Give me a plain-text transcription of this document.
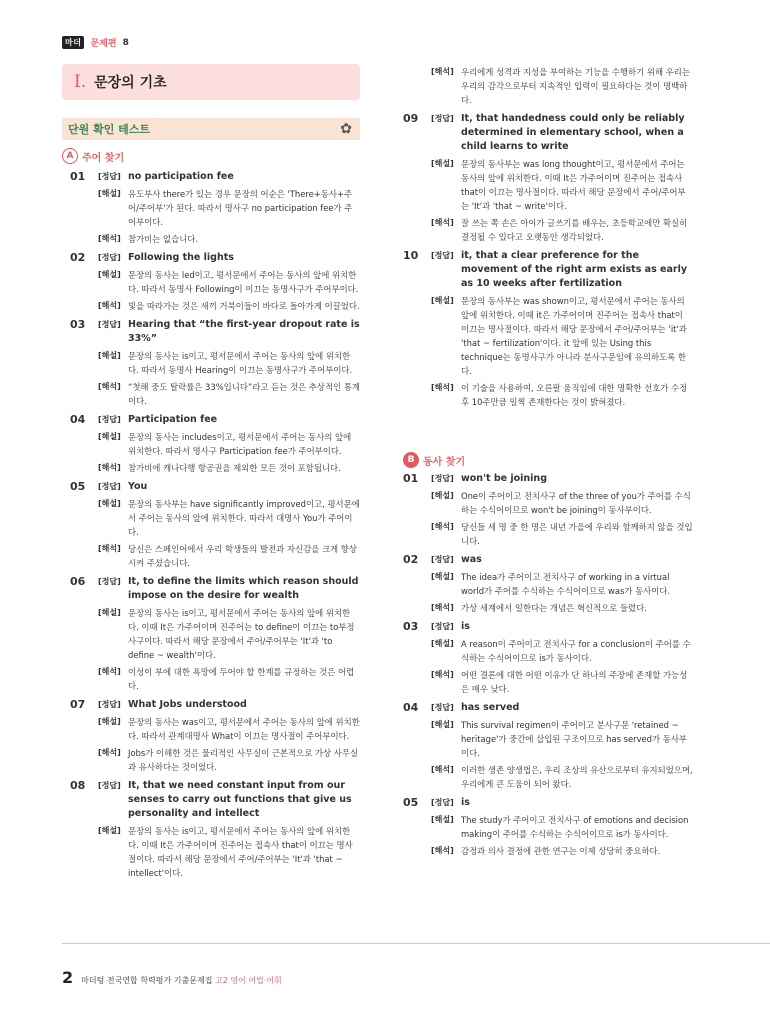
마더	문제편 8
I. 문장의 기초
단원 확인 테스트	✿
A 주어 찾기
01	[정답] no participation fee
[해설] 유도부사 there가 있는 경우 문장의 어순은 'There+동사+주어/주어부'가 된다. 따라서 명사구 no participation fee가 주어부이다.
[해석] 참가비는 없습니다.
02	[정답] Following the lights
[해설] 문장의 동사는 led이고, 평서문에서 주어는 동사의 앞에 위치한다. 따라서 동명사 Following이 이끄는 동명사구가 주어부이다.
[해석] 빛을 따라가는 것은 새끼 거북이들이 바다로 돌아가게 이끌었다.
03	[정답] Hearing that “the first-year dropout rate is 33%”
[해설] 문장의 동사는 is이고, 평서문에서 주어는 동사의 앞에 위치한다. 따라서 동명사 Hearing이 이끄는 동명사구가 주어부이다.
[해석] “첫해 중도 탈락률은 33%입니다”라고 듣는 것은 추상적인 통계이다.
04	[정답] Participation fee
[해설] 문장의 동사는 includes이고, 평서문에서 주어는 동사의 앞에 위치한다. 따라서 명사구 Participation fee가 주어부이다.
[해석] 참가비에 캐나다행 항공권을 제외한 모든 것이 포함됩니다.
05	[정답] You
[해설] 문장의 동사부는 have significantly improved이고, 평서문에서 주어는 동사의 앞에 위치한다. 따라서 대명사 You가 주어이다.
[해석] 당신은 스페인어에서 우리 학생들의 발전과 자신감을 크게 향상시켜 주셨습니다.
06	[정답] It, to define the limits which reason should impose on the desire for wealth
[해설] 문장의 동사는 is이고, 평서문에서 주어는 동사의 앞에 위치한다. 이때 It은 가주어이며 진주어는 to define이 이끄는 to부정사구이다. 따라서 해당 문장에서 주어/주어부는 'It'과 'to define ~ wealth'이다.
[해석] 이성이 부에 대한 욕망에 두어야 할 한계를 규정하는 것은 어렵다.
07	[정답] What Jobs understood
[해설] 문장의 동사는 was이고, 평서문에서 주어는 동사의 앞에 위치한다. 따라서 관계대명사 What이 이끄는 명사절이 주어부이다.
[해석] Jobs가 이해한 것은 물리적인 사무실이 근본적으로 가상 사무실과 유사하다는 것이었다.
08	[정답] It, that we need constant input from our senses to carry out functions that give us personality and intellect
[해설] 문장의 동사는 is이고, 평서문에서 주어는 동사의 앞에 위치한다. 이때 It은 가주어이며 진주어는 접속사 that이 이끄는 명사절이다. 따라서 해당 문장에서 주어/주어부는 'It'과 'that ~ intellect'이다.
[해석] 우리에게 성격과 지성을 부여하는 기능을 수행하기 위해 우리는 우리의 감각으로부터 지속적인 입력이 필요하다는 것이 명백하다.
09	[정답] It, that handedness could only be reliably determined in elementary school, when a child learns to write
[해설] 문장의 동사부는 was long thought이고, 평서문에서 주어는 동사의 앞에 위치한다. 이때 It은 가주어이며 진주어는 접속사 that이 이끄는 명사절이다. 따라서 해당 문장에서 주어/주어부는 'It'과 'that ~ write'이다.
[해석] 잘 쓰는 쪽 손은 아이가 글쓰기를 배우는, 초등학교에만 확실히 결정될 수 있다고 오랫동안 생각되었다.
10	[정답] it, that a clear preference for the movement of the right arm exists as early as 10 weeks after fertilization
[해설] 문장의 동사부는 was shown이고, 평서문에서 주어는 동사의 앞에 위치한다. 이때 it은 가주어이며 진주어는 접속사 that이 이끄는 명사절이다. 따라서 해당 문장에서 주어/주어부는 'it'과 'that ~ fertilization'이다. it 앞에 있는 Using this technique는 동명사구가 아니라 분사구문임에 유의하도록 한다.
[해석] 이 기술을 사용하여, 오른팔 움직임에 대한 명확한 선호가 수정 후 10주만큼 일찍 존재한다는 것이 밝혀졌다.
B 동사 찾기
01	[정답] won't be joining
[해설] One이 주어이고 전치사구 of the three of you가 주어를 수식하는 수식어이므로 won't be joining이 동사부이다.
[해석] 당신들 세 명 중 한 명은 내년 가을에 우리와 함께하지 않을 것입니다.
02	[정답] was
[해설] The idea가 주어이고 전치사구 of working in a virtual world가 주어를 수식하는 수식어이므로 was가 동사이다.
[해석] 가상 세계에서 일한다는 개념은 혁신적으로 들렸다.
03	[정답] is
[해설] A reason이 주어이고 전치사구 for a conclusion이 주어를 수식하는 수식어이므로 is가 동사이다.
[해석] 어떤 결론에 대한 어떤 이유가 단 하나의 주장에 존재할 가능성은 매우 낮다.
04	[정답] has served
[해설] This survival regimen이 주어이고 분사구문 'retained ~ heritage'가 중간에 삽입된 구조이므로 has served가 동사부이다.
[해석] 이러한 생존 양생법은, 우리 조상의 유산으로부터 유지되었으며, 우리에게 큰 도움이 되어 왔다.
05	[정답] is
[해설] The study가 주어이고 전치사구 of emotions and decision making이 주어를 수식하는 수식어이므로 is가 동사이다.
[해석] 감정과 의사 결정에 관한 연구는 이제 상당히 중요하다.
2 마더텅 전국연합 학력평가 기출문제집 고2 영어 어법·어휘
